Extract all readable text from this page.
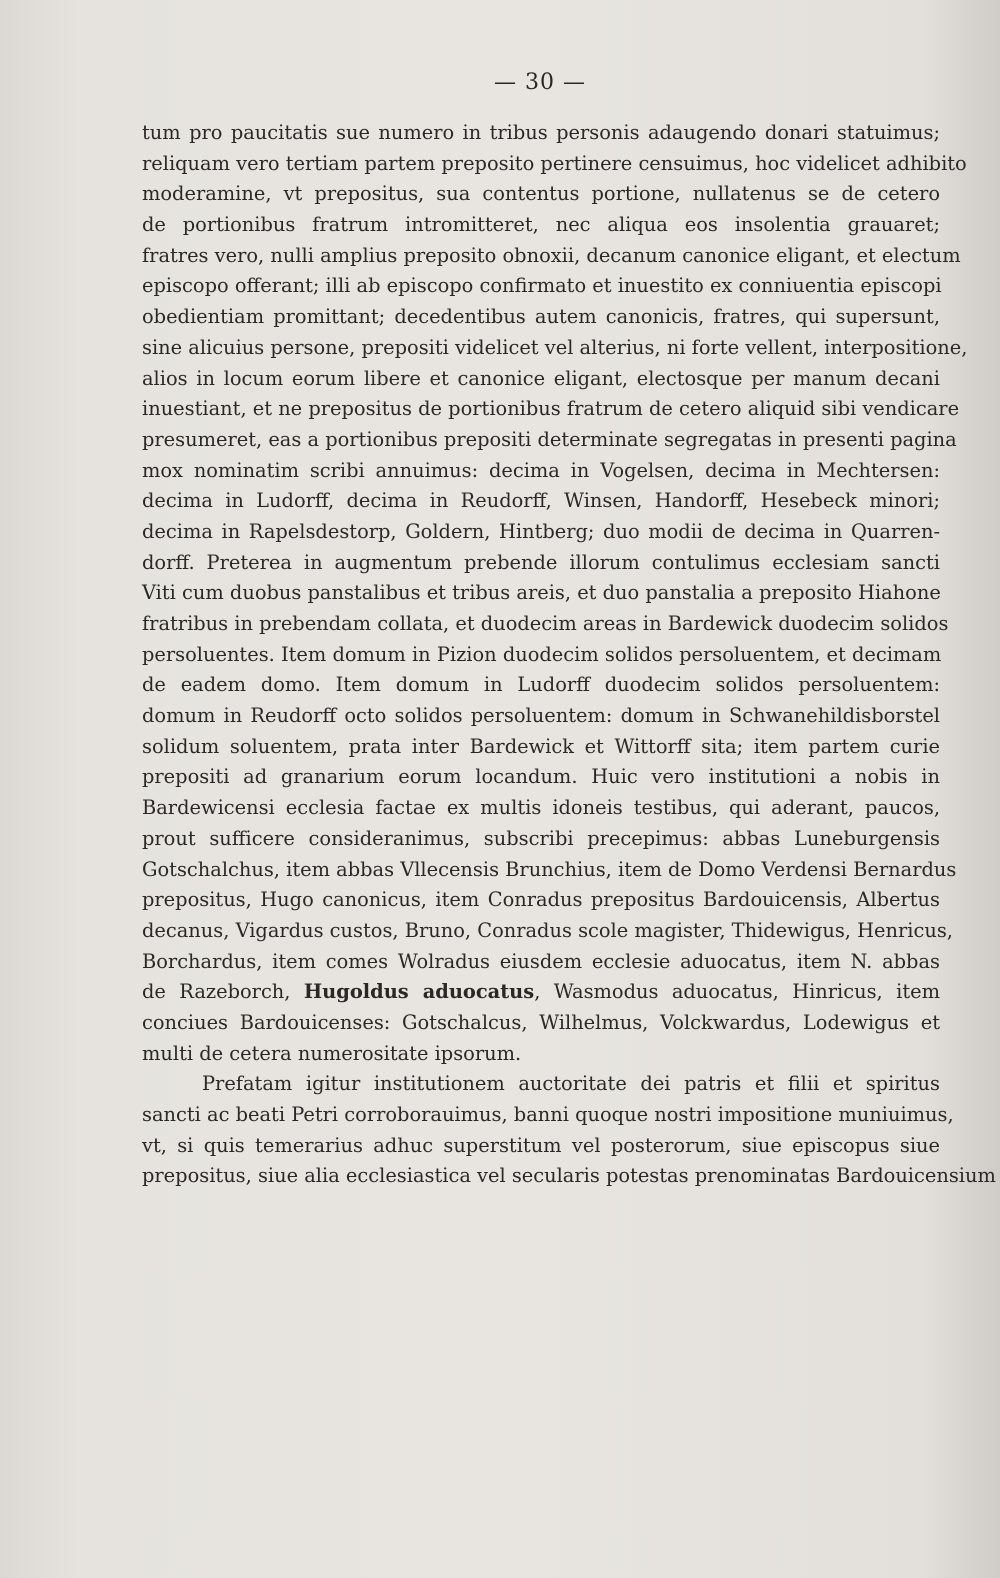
— 30 —
tum pro paucitatis sue numero in tribus personis adaugendo donari statuimus;
reliquam vero tertiam partem preposito pertinere censuimus, hoc videlicet adhibito
moderamine, vt prepositus, sua contentus portione, nullatenus se de cetero
de portionibus fratrum intromitteret, nec aliqua eos insolentia grauaret;
fratres vero, nulli amplius preposito obnoxii, decanum canonice eligant, et electum
episcopo offerant; illi ab episcopo confirmato et inuestito ex conniuentia episcopi
obedientiam promittant; decedentibus autem canonicis, fratres, qui supersunt,
sine alicuius persone, prepositi videlicet vel alterius, ni forte vellent, interpositione,
alios in locum eorum libere et canonice eligant, electosque per manum decani
inuestiant, et ne prepositus de portionibus fratrum de cetero aliquid sibi vendicare
presumeret, eas a portionibus prepositi determinate segregatas in presenti pagina
mox nominatim scribi annuimus: decima in Vogelsen, decima in Mechtersen:
decima in Ludorff, decima in Reudorff, Winsen, Handorff, Hesebeck minori;
decima in Rapelsdestorp, Goldern, Hintberg; duo modii de decima in Quarren-
dorff. Preterea in augmentum prebende illorum contulimus ecclesiam sancti
Viti cum duobus panstalibus et tribus areis, et duo panstalia a preposito Hiahone
fratribus in prebendam collata, et duodecim areas in Bardewick duodecim solidos
persoluentes. Item domum in Pizion duodecim solidos persoluentem, et decimam
de eadem domo. Item domum in Ludorff duodecim solidos persoluentem:
domum in Reudorff octo solidos persoluentem: domum in Schwanehildisborstel
solidum soluentem, prata inter Bardewick et Wittorff sita; item partem curie
prepositi ad granarium eorum locandum. Huic vero institutioni a nobis in
Bardewicensi ecclesia factae ex multis idoneis testibus, qui aderant, paucos,
prout sufficere consideranimus, subscribi precepimus: abbas Luneburgensis
Gotschalchus, item abbas Vllecensis Brunchius, item de Domo Verdensi Bernardus
prepositus, Hugo canonicus, item Conradus prepositus Bardouicensis, Albertus
decanus, Vigardus custos, Bruno, Conradus scole magister, Thidewigus, Henricus,
Borchardus, item comes Wolradus eiusdem ecclesie aduocatus, item N. abbas
de Razeborch, Hugoldus aduocatus, Wasmodus aduocatus, Hinricus, item
conciues Bardouicenses: Gotschalcus, Wilhelmus, Volckwardus, Lodewigus et
multi de cetera numerositate ipsorum.
Prefatam igitur institutionem auctoritate dei patris et filii et spiritus
sancti ac beati Petri corroborauimus, banni quoque nostri impositione muniuimus,
vt, si quis temerarius adhuc superstitum vel posterorum, siue episcopus siue
prepositus, siue alia ecclesiastica vel secularis potestas prenominatas Bardouicensium
